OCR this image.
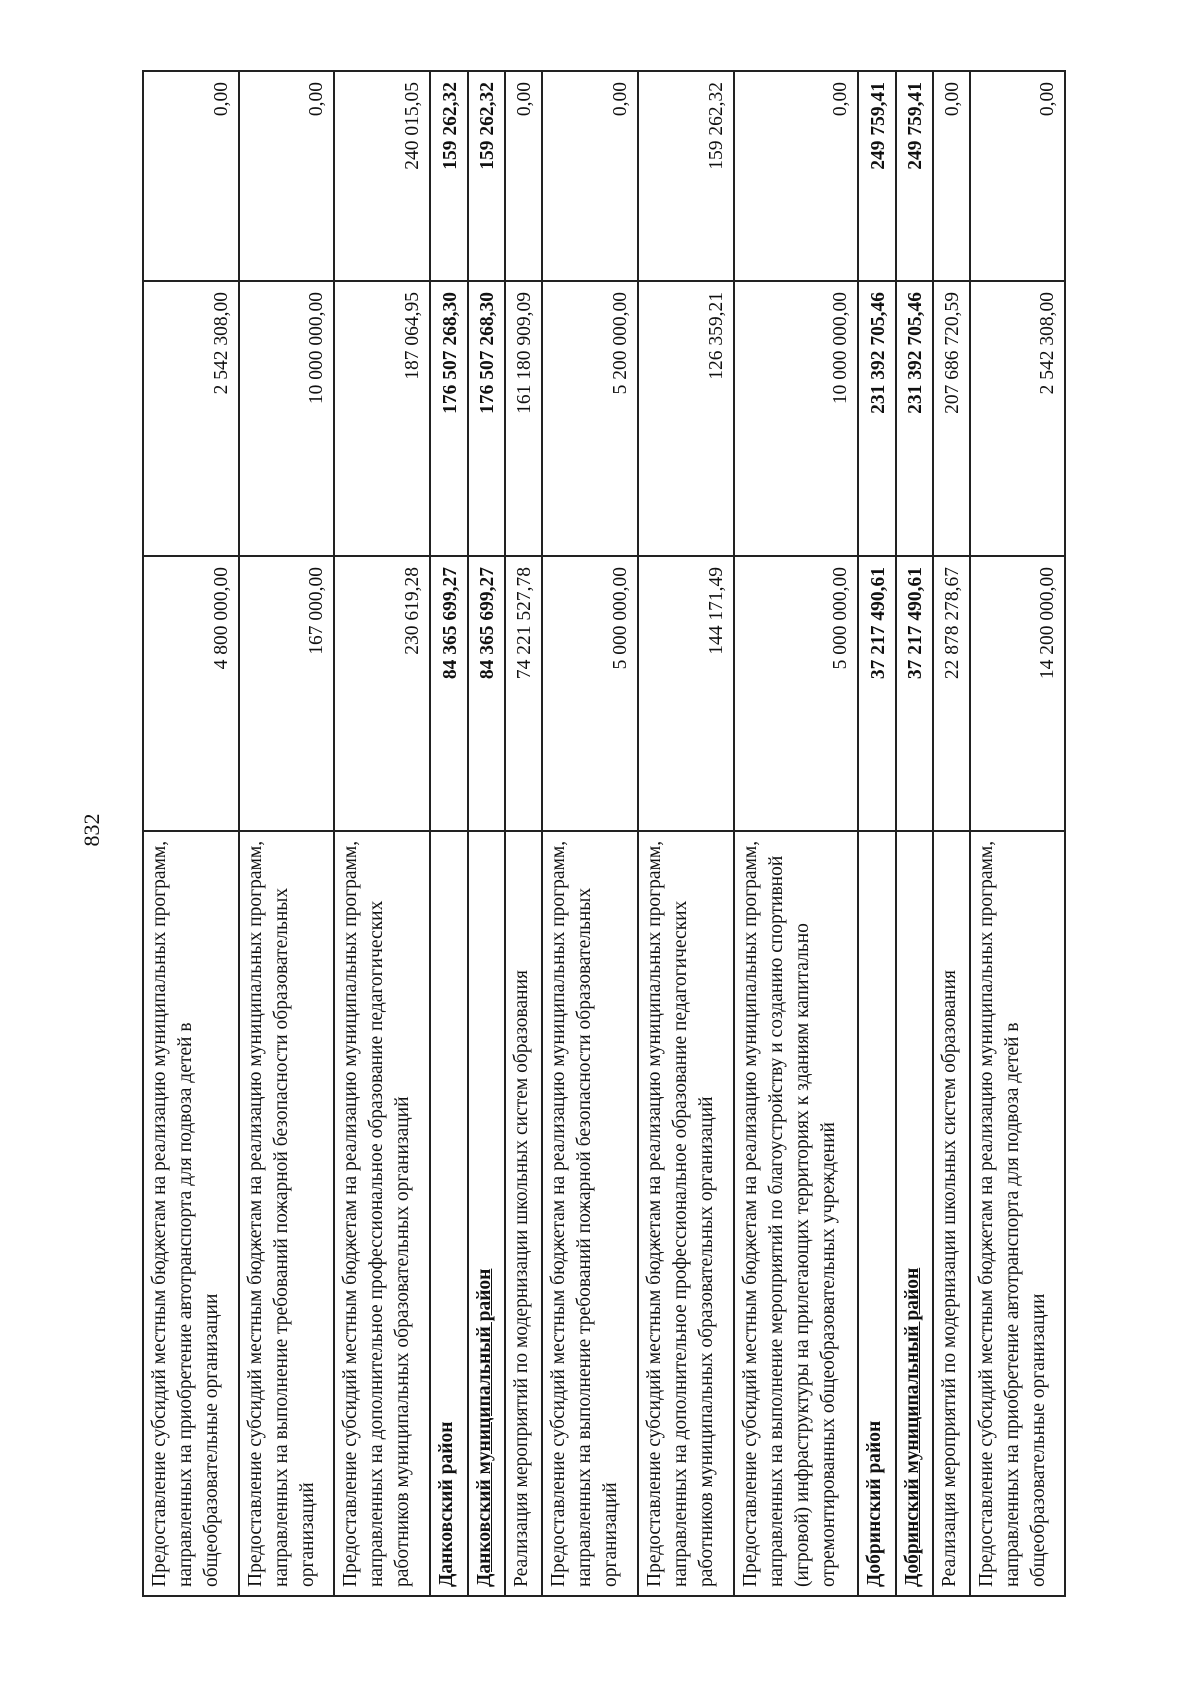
832
Предоставление субсидий местным бюджетам на реализацию муниципальных программ, направленных на приобретение автотранспорта для подвоза детей в общеобразовательные организации	4 800 000,00	2 542 308,00	0,00
Предоставление субсидий местным бюджетам на реализацию муниципальных программ, направленных на выполнение требований пожарной безопасности образовательных организаций	167 000,00	10 000 000,00	0,00
Предоставление субсидий местным бюджетам на реализацию муниципальных программ, направленных на дополнительное профессиональное образование педагогических работников муниципальных образовательных организаций	230 619,28	187 064,95	240 015,05
Данковский район	84 365 699,27	176 507 268,30	159 262,32
Данковский муниципальный район	84 365 699,27	176 507 268,30	159 262,32
Реализация мероприятий по модернизации школьных систем образования	74 221 527,78	161 180 909,09	0,00
Предоставление субсидий местным бюджетам на реализацию муниципальных программ, направленных на выполнение требований пожарной безопасности образовательных организаций	5 000 000,00	5 200 000,00	0,00
Предоставление субсидий местным бюджетам на реализацию муниципальных программ, направленных на дополнительное профессиональное образование педагогических работников муниципальных образовательных организаций	144 171,49	126 359,21	159 262,32
Предоставление субсидий местным бюджетам на реализацию муниципальных программ, направленных на выполнение мероприятий по благоустройству и созданию спортивной (игровой) инфраструктуры на прилегающих территориях к зданиям капитально отремонтированных общеобразовательных учреждений	5 000 000,00	10 000 000,00	0,00
Добринский район	37 217 490,61	231 392 705,46	249 759,41
Добринский муниципальный район	37 217 490,61	231 392 705,46	249 759,41
Реализация мероприятий по модернизации школьных систем образования	22 878 278,67	207 686 720,59	0,00
Предоставление субсидий местным бюджетам на реализацию муниципальных программ, направленных на приобретение автотранспорта для подвоза детей в общеобразовательные организации	14 200 000,00	2 542 308,00	0,00
